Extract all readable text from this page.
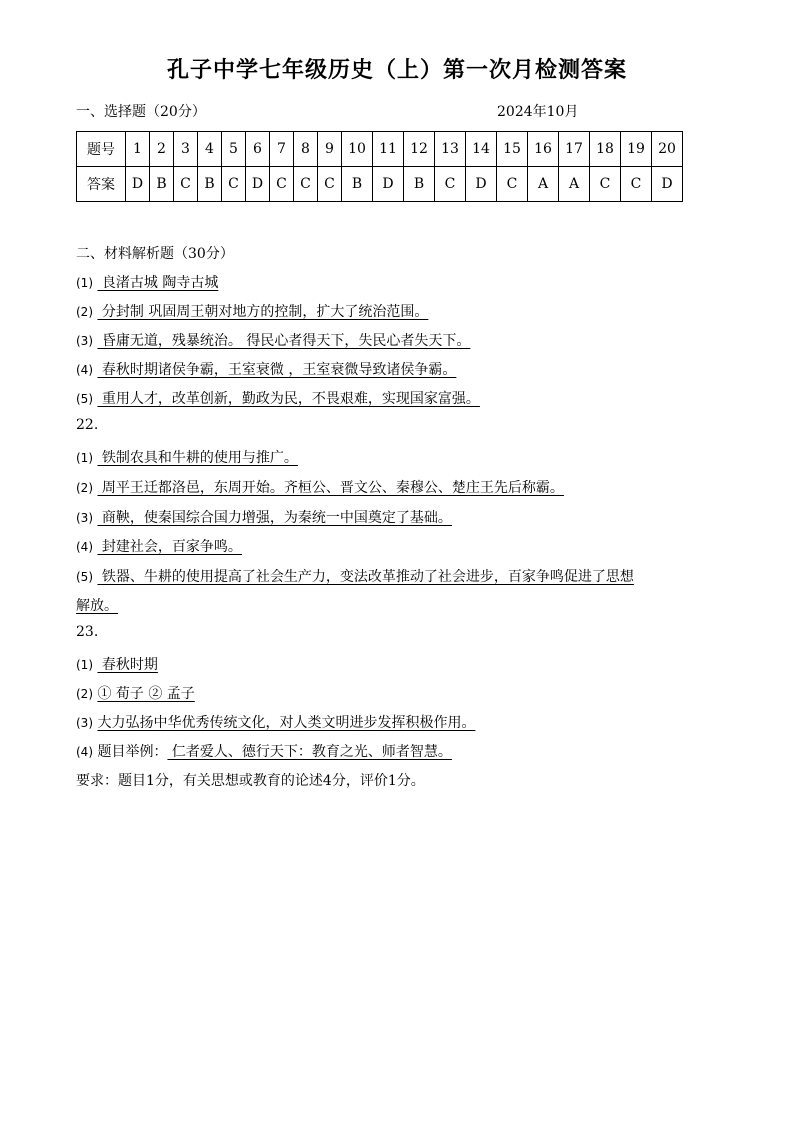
孔子中学七年级历史（上）第一次月检测答案
一、选择题（20分）	2024年10月
题号	1	2	3	4	5	6	7	8	9	10	11	12	13	14	15	16	17	18	19	20
答案	D	B	C	B	C	D	C	C	C	B	D	B	C	D	C	A	A	C	C	D
二、材料解析题（30分）
(1)  良渚古城 陶寺古城
(2)  分封制 巩固周王朝对地方的控制，扩大了统治范围。
(3)  昏庸无道，残暴统治。 得民心者得天下，失民心者失天下。
(4)  春秋时期诸侯争霸，王室衰微 ，王室衰微导致诸侯争霸。
(5)  重用人才，改革创新，勤政为民，不畏艰难，实现国家富强。
22.
(1)  铁制农具和牛耕的使用与推广。
(2)  周平王迁都洛邑，东周开始。齐桓公、晋文公、秦穆公、楚庄王先后称霸。
(3)  商鞅，使秦国综合国力增强，为秦统一中国奠定了基础。
(4)  封建社会，百家争鸣。
(5)  铁器、牛耕的使用提高了社会生产力，变法改革推动了社会进步，百家争鸣促进了思想
解放。
23.
(1)  春秋时期
(2) ① 荀子 ② 孟子
(3) 大力弘扬中华优秀传统文化，对人类文明进步发挥积极作用。
(4) 题目举例： 仁者爱人、德行天下：教育之光、师者智慧。
要求：题目1分，有关思想或教育的论述4分，评价1分。
